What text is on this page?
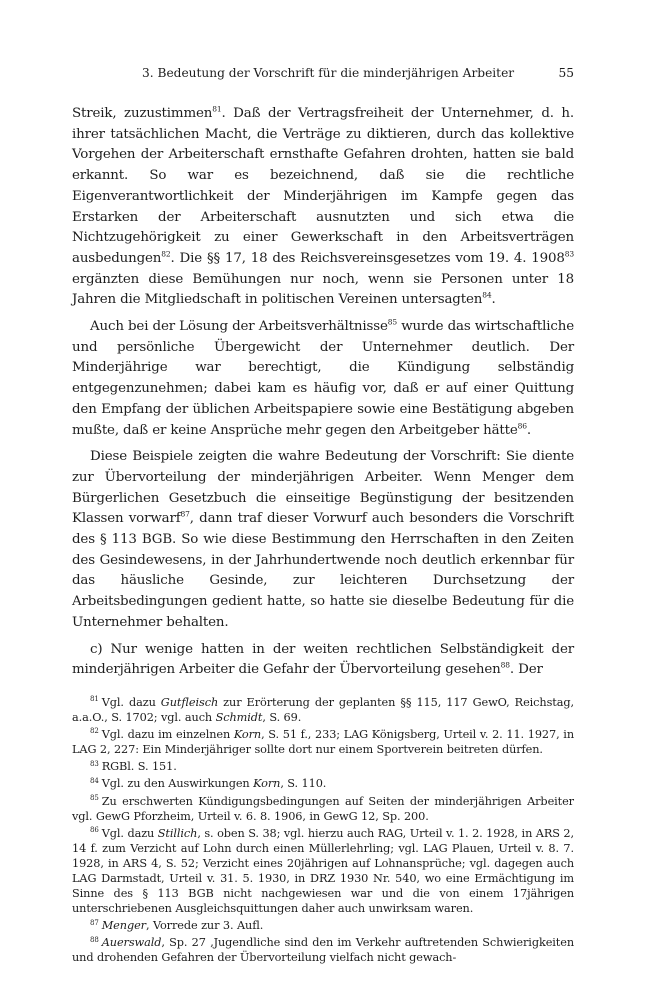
3. Bedeutung der Vorschrift für die minderjährigen Arbeiter	55

Streik, zuzustimmen$^{81}$. Daß der Vertragsfreiheit der Unternehmer, d. h. ihrer tatsächlichen Macht, die Verträge zu diktieren, durch das kollektive Vorgehen der Arbeiterschaft ernsthafte Gefahren drohten, hatten sie bald erkannt. So war es bezeichnend, daß sie die rechtliche Eigenverantwortlichkeit der Minderjährigen im Kampfe gegen das Erstarken der Arbeiterschaft ausnutzten und sich etwa die Nichtzugehörigkeit zu einer Gewerkschaft in den Arbeitsverträgen ausbedungen$^{82}$. Die §§ 17, 18 des Reichsvereinsgesetzes vom 19. 4. 1908$^{83}$ ergänzten diese Bemühungen nur noch, wenn sie Personen unter 18 Jahren die Mitgliedschaft in politischen Vereinen untersagten$^{84}$.

Auch bei der Lösung der Arbeitsverhältnisse$^{85}$ wurde das wirtschaftliche und persönliche Übergewicht der Unternehmer deutlich. Der Minderjährige war berechtigt, die Kündigung selbständig entgegenzunehmen; dabei kam es häufig vor, daß er auf einer Quittung den Empfang der üblichen Arbeitspapiere sowie eine Bestätigung abgeben mußte, daß er keine Ansprüche mehr gegen den Arbeitgeber hätte$^{86}$.

Diese Beispiele zeigten die wahre Bedeutung der Vorschrift: Sie diente zur Übervorteilung der minderjährigen Arbeiter. Wenn Menger dem Bürgerlichen Gesetzbuch die einseitige Begünstigung der besitzenden Klassen vorwarf$^{87}$, dann traf dieser Vorwurf auch besonders die Vorschrift des § 113 BGB. So wie diese Bestimmung den Herrschaften in den Zeiten des Gesindewesens, in der Jahrhundertwende noch deutlich erkennbar für das häusliche Gesinde, zur leichteren Durchsetzung der Arbeitsbedingungen gedient hatte, so hatte sie dieselbe Bedeutung für die Unternehmer behalten.

c) Nur wenige hatten in der weiten rechtlichen Selbständigkeit der minderjährigen Arbeiter die Gefahr der Übervorteilung gesehen$^{88}$. Der

$^{81}$ Vgl. dazu Gutfleisch zur Erörterung der geplanten §§ 115, 117 GewO, Reichstag, a.a.O., S. 1702; vgl. auch Schmidt, S. 69.

$^{82}$ Vgl. dazu im einzelnen Korn, S. 51 f., 233; LAG Königsberg, Urteil v. 2. 11. 1927, in LAG 2, 227: Ein Minderjähriger sollte dort nur einem Sportverein beitreten dürfen.

$^{83}$ RGBl. S. 151.

$^{84}$ Vgl. zu den Auswirkungen Korn, S. 110.

$^{85}$ Zu erschwerten Kündigungsbedingungen auf Seiten der minderjährigen Arbeiter vgl. GewG Pforzheim, Urteil v. 6. 8. 1906, in GewG 12, Sp. 200.

$^{86}$ Vgl. dazu Stillich, s. oben S. 38; vgl. hierzu auch RAG, Urteil v. 1. 2. 1928, in ARS 2, 14 f. zum Verzicht auf Lohn durch einen Müllerlehrling; vgl. LAG Plauen, Urteil v. 8. 7. 1928, in ARS 4, S. 52; Verzicht eines 20jährigen auf Lohnansprüche; vgl. dagegen auch LAG Darmstadt, Urteil v. 31. 5. 1930, in DRZ 1930 Nr. 540, wo eine Ermächtigung im Sinne des § 113 BGB nicht nachgewiesen war und die von einem 17jährigen unterschriebenen Ausgleichsquittungen daher auch unwirksam waren.

$^{87}$ Menger, Vorrede zur 3. Aufl.

$^{88}$ Auerswald, Sp. 27 ‚Jugendliche sind den im Verkehr auftretenden Schwierigkeiten und drohenden Gefahren der Übervorteilung vielfach nicht gewach-
